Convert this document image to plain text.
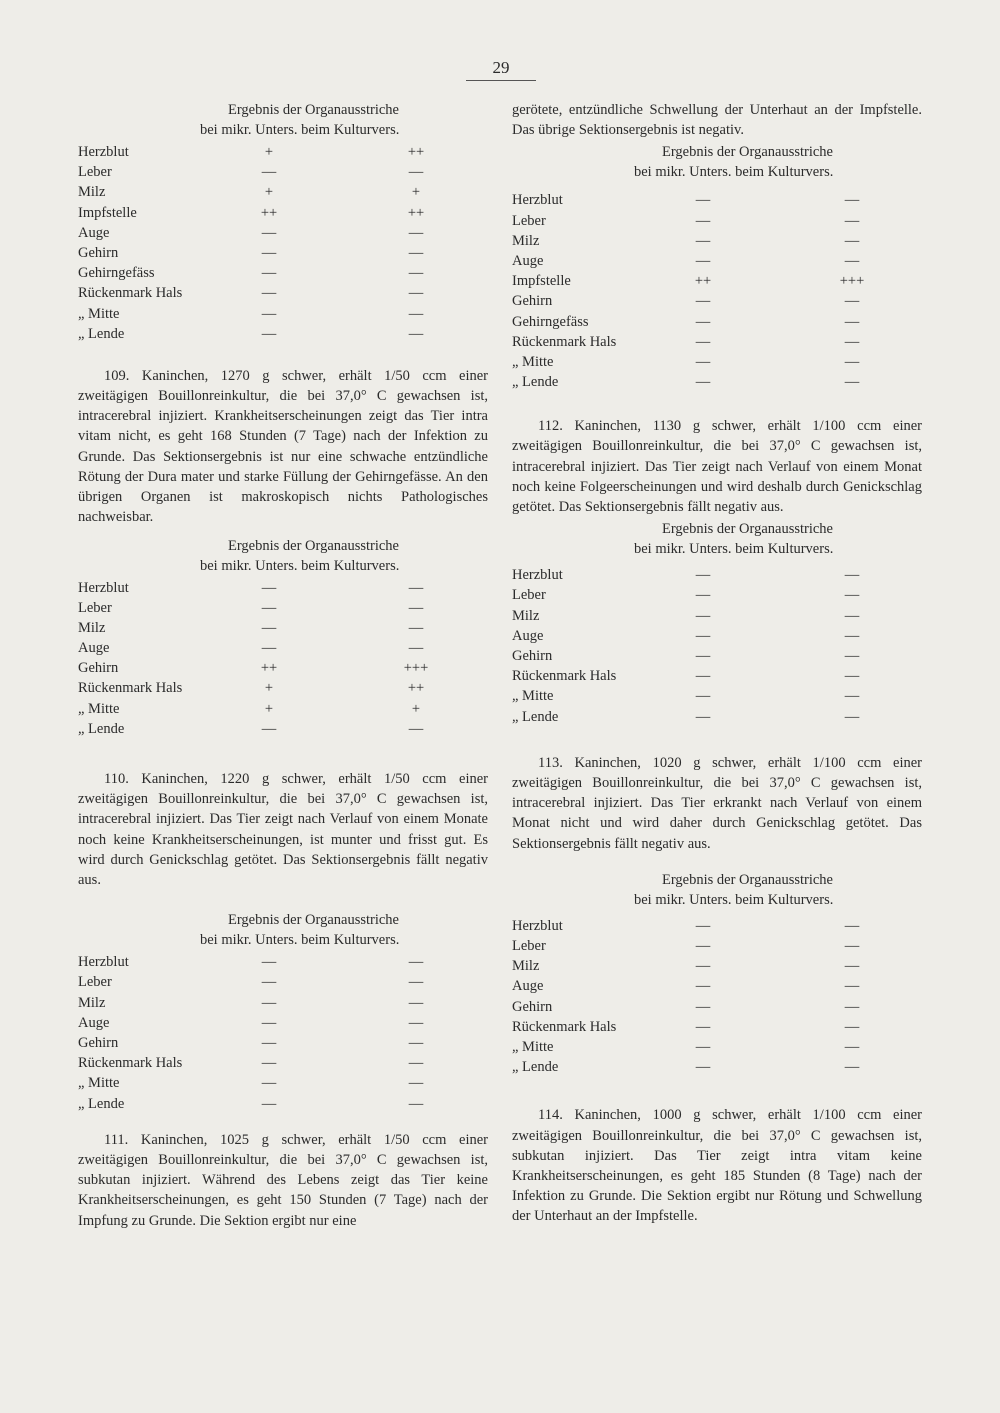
29
Ergebnis der Organausstriche
bei mikr. Unters. beim Kulturvers.
Herzblut	+	++
Leber	—	—
Milz	+	+
Impfstelle	++	++
Auge	—	—
Gehirn	—	—
Gehirngefäss	—	—
Rückenmark Hals	—	—
„ Mitte	—	—
„ Lende	—	—
109. Kaninchen, 1270 g schwer, erhält 1/50 ccm einer zweitägigen Bouillonreinkultur, die bei 37,0° C gewachsen ist, intracerebral injiziert. Krankheitserscheinungen zeigt das Tier intra vitam nicht, es geht 168 Stunden (7 Tage) nach der Infektion zu Grunde. Das Sektionsergebnis ist nur eine schwache entzündliche Rötung der Dura mater und starke Füllung der Gehirngefässe. An den übrigen Organen ist makroskopisch nichts Pathologisches nachweisbar.
Ergebnis der Organausstriche
bei mikr. Unters. beim Kulturvers.
Herzblut	—	—
Leber	—	—
Milz	—	—
Auge	—	—
Gehirn	++	+++
Rückenmark Hals	+	++
„ Mitte	+	+
„ Lende	—	—
110. Kaninchen, 1220 g schwer, erhält 1/50 ccm einer zweitägigen Bouillonreinkultur, die bei 37,0° C gewachsen ist, intracerebral injiziert. Das Tier zeigt nach Verlauf von einem Monate noch keine Krankheitserscheinungen, ist munter und frisst gut. Es wird durch Genickschlag getötet. Das Sektionsergebnis fällt negativ aus.
Ergebnis der Organausstriche
bei mikr. Unters. beim Kulturvers.
Herzblut	—	—
Leber	—	—
Milz	—	—
Auge	—	—
Gehirn	—	—
Rückenmark Hals	—	—
„ Mitte	—	—
„ Lende	—	—
111. Kaninchen, 1025 g schwer, erhält 1/50 ccm einer zweitägigen Bouillonreinkultur, die bei 37,0° C gewachsen ist, subkutan injiziert. Während des Lebens zeigt das Tier keine Krankheitserscheinungen, es geht 150 Stunden (7 Tage) nach der Impfung zu Grunde. Die Sektion ergibt nur eine
gerötete, entzündliche Schwellung der Unterhaut an der Impfstelle. Das übrige Sektionsergebnis ist negativ.
Ergebnis der Organausstriche
bei mikr. Unters. beim Kulturvers.
Herzblut	—	—
Leber	—	—
Milz	—	—
Auge	—	—
Impfstelle	++	+++
Gehirn	—	—
Gehirngefäss	—	—
Rückenmark Hals	—	—
„ Mitte	—	—
„ Lende	—	—
112. Kaninchen, 1130 g schwer, erhält 1/100 ccm einer zweitägigen Bouillonreinkultur, die bei 37,0° C gewachsen ist, intracerebral injiziert. Das Tier zeigt nach Verlauf von einem Monat noch keine Folgeerscheinungen und wird deshalb durch Genickschlag getötet. Das Sektionsergebnis fällt negativ aus.
Ergebnis der Organausstriche
bei mikr. Unters. beim Kulturvers.
Herzblut	—	—
Leber	—	—
Milz	—	—
Auge	—	—
Gehirn	—	—
Rückenmark Hals	—	—
„ Mitte	—	—
„ Lende	—	—
113. Kaninchen, 1020 g schwer, erhält 1/100 ccm einer zweitägigen Bouillonreinkultur, die bei 37,0° C gewachsen ist, intracerebral injiziert. Das Tier erkrankt nach Verlauf von einem Monat nicht und wird daher durch Genickschlag getötet. Das Sektionsergebnis fällt negativ aus.
Ergebnis der Organausstriche
bei mikr. Unters. beim Kulturvers.
Herzblut	—	—
Leber	—	—
Milz	—	—
Auge	—	—
Gehirn	—	—
Rückenmark Hals	—	—
„ Mitte	—	—
„ Lende	—	—
114. Kaninchen, 1000 g schwer, erhält 1/100 ccm einer zweitägigen Bouillonreinkultur, die bei 37,0° C gewachsen ist, subkutan injiziert. Das Tier zeigt intra vitam keine Krankheitserscheinungen, es geht 185 Stunden (8 Tage) nach der Infektion zu Grunde. Die Sektion ergibt nur Rötung und Schwellung der Unterhaut an der Impfstelle.
